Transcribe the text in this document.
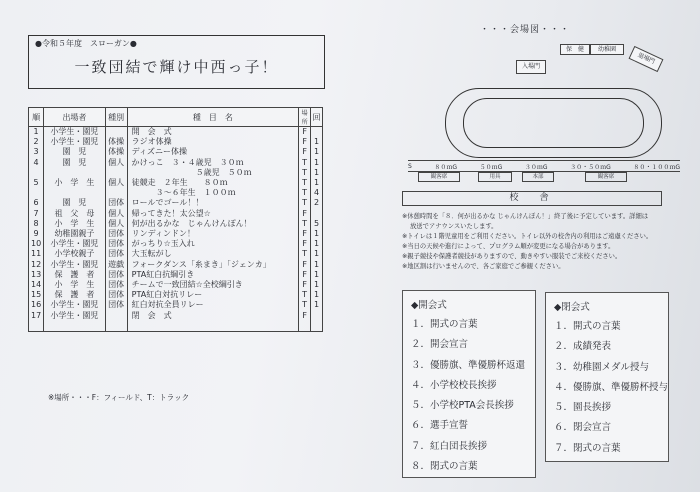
●令和５年度　スローガン●
一致団結で輝け中西っ子！
順	出場者	種別	種　目　名	場所	回
1	小学生・園児		開　会　式	F	
2	小学生・園児	体操	ラジオ体操	F	1
3	園　児	体操	ディズニー体操	F	1
4	園　児	個人	かけっこ　３・４歳児　３０ｍ	T	1
			　　　　　　　　５歳児　５０ｍ	T	1
5	小　学　生	個人	徒競走　２年生　　８０ｍ	T	1
			　　　３〜６年生　１００ｍ	T	4
6	園　児	団体	ロールでゴール！！	T	2
7	祖　父　母	個人	帰ってきた！太公望☆	F	
8	小　学　生	個人	何が出るかな　じゃんけんぽん！	T	5
9	幼稚園親子	団体	リンディンドン！	F	1
10	小学生・園児	団体	がっちり☆玉入れ	F	1
11	小学校親子	団体	大玉転がし	T	1
12	小学生・園児	遊戯	フォークダンス「糸まき」「ジェンカ」	F	1
13	保　護　者	団体	PTA紅白抗綱引き	F	1
14	小　学　生	団体	チームで一致団結☆全校綱引き	F	1
15	保　護　者	団体	PTA紅白対抗リレー	T	1
16	小学生・園児	団体	紅白対抗全員リレー	T	1
17	小学生・園児		閉　会　式	F	

※場所・・・F：フィールド、T：トラック
・・・会場図・・・
保　健	幼稚園
入場門
退場門
S	８０ｍG	５０ｍG	３０ｍG	３０・５０ｍG	８０・１００ｍG
観客席	用具	本部	観客席
校　舎
※休憩時間を「８．何が出るかな じゃんけんぽん！」終了後に予定しています。詳細は
放送でアナウンスいたします。
※トイレは１階児童用をご利用ください。トイレ以外の校舎内の利用はご遠慮ください。
※当日の天候や進行によって、プログラム順が変更になる場合があります。
※親子競技や保護者競技がありますので、動きやすい服装でご来校ください。
※地区割は行いませんので、各ご家庭でご参観ください。
◆開会式
１．開式の言葉
２．開会宣言
３．優勝旗、準優勝杯返還
４．小学校校長挨拶
５．小学校PTA会長挨拶
６．選手宣誓
７．紅白団長挨拶
８．閉式の言葉
◆閉会式
１．開式の言葉
２．成績発表
３．幼稚園メダル授与
４．優勝旗、準優勝杯授与
５．園長挨拶
６．閉会宣言
７．閉式の言葉
